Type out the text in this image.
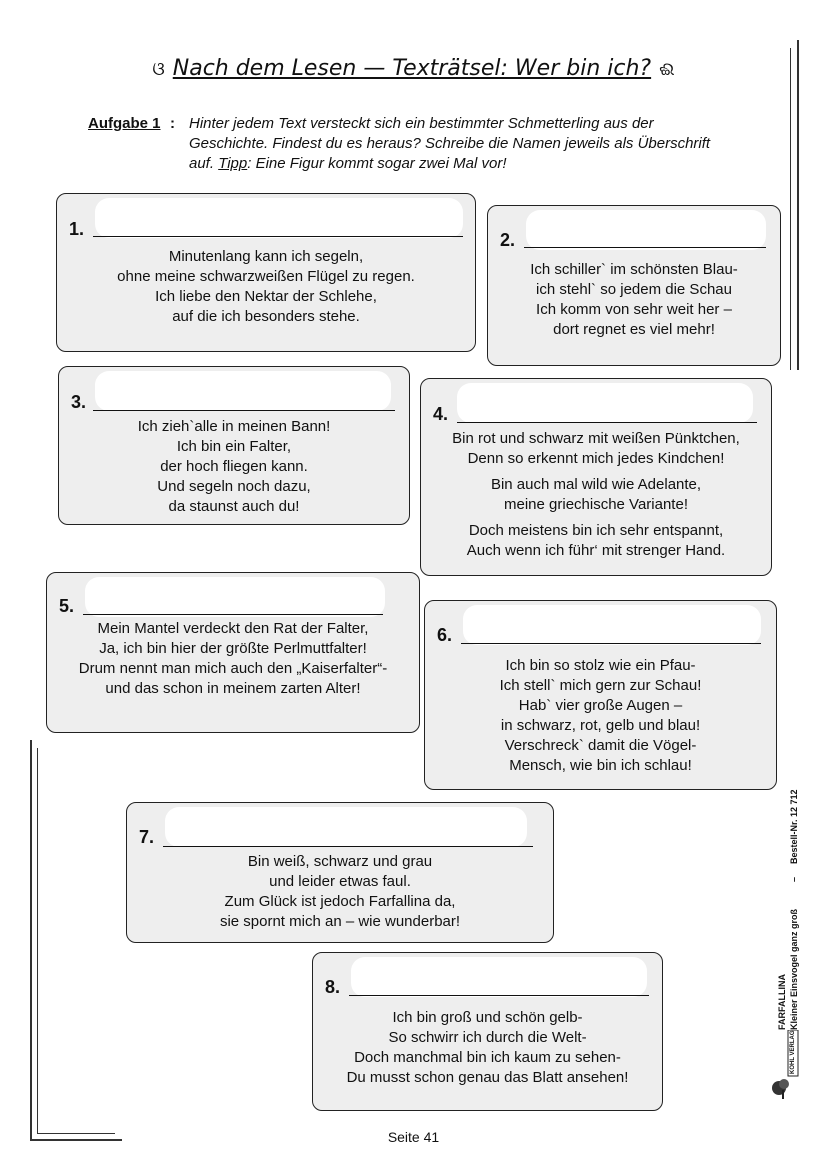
ଓ Nach dem Lesen — Texträtsel: Wer bin ich? ଈ
Aufgabe 1 : Hinter jedem Text versteckt sich ein bestimmter Schmetterling aus der Geschichte. Findest du es heraus? Schreibe die Namen jeweils als Überschrift auf. Tipp: Eine Figur kommt sogar zwei Mal vor!
1.
Minutenlang kann ich segeln,
ohne meine schwarzweißen Flügel zu regen.
Ich liebe den Nektar der Schlehe,
auf die ich besonders stehe.
2.
Ich schiller` im schönsten Blau-
ich stehl` so jedem die Schau
Ich komm von sehr weit her –
dort regnet es viel mehr!
3.
Ich zieh`alle in meinen Bann!
Ich bin ein Falter,
der hoch fliegen kann.
Und segeln noch dazu,
da staunst auch du!
4.

Bin rot und schwarz mit weißen Pünktchen,
Denn so erkennt mich jedes Kindchen!

Bin auch mal wild wie Adelante,
meine griechische Variante!

Doch meistens bin ich sehr entspannt,
Auch wenn ich führ‘ mit strenger Hand.

5.
Mein Mantel verdeckt den Rat der Falter,
Ja, ich bin hier der größte Perlmuttfalter!
Drum nennt man mich auch den „Kaiserfalter“-
und das schon in meinem zarten Alter!
6.
Ich bin so stolz wie ein Pfau-
Ich stell` mich gern zur Schau!
Hab` vier große Augen –
in schwarz, rot, gelb und blau!
Verschreck` damit die Vögel-
Mensch, wie bin ich schlau!
7.
Bin weiß, schwarz und grau
und leider etwas faul.
Zum Glück ist jedoch Farfallina da,
sie spornt mich an – wie wunderbar!
8.
Ich bin groß und schön gelb-
So schwirr ich durch die Welt-
Doch manchmal bin ich kaum zu sehen-
Du musst schon genau das Blatt ansehen!
FARFALLINA Kleiner Einsvogel ganz groß
–
Bestell-Nr. 12 712
KOHL VERLAG
Seite 41
